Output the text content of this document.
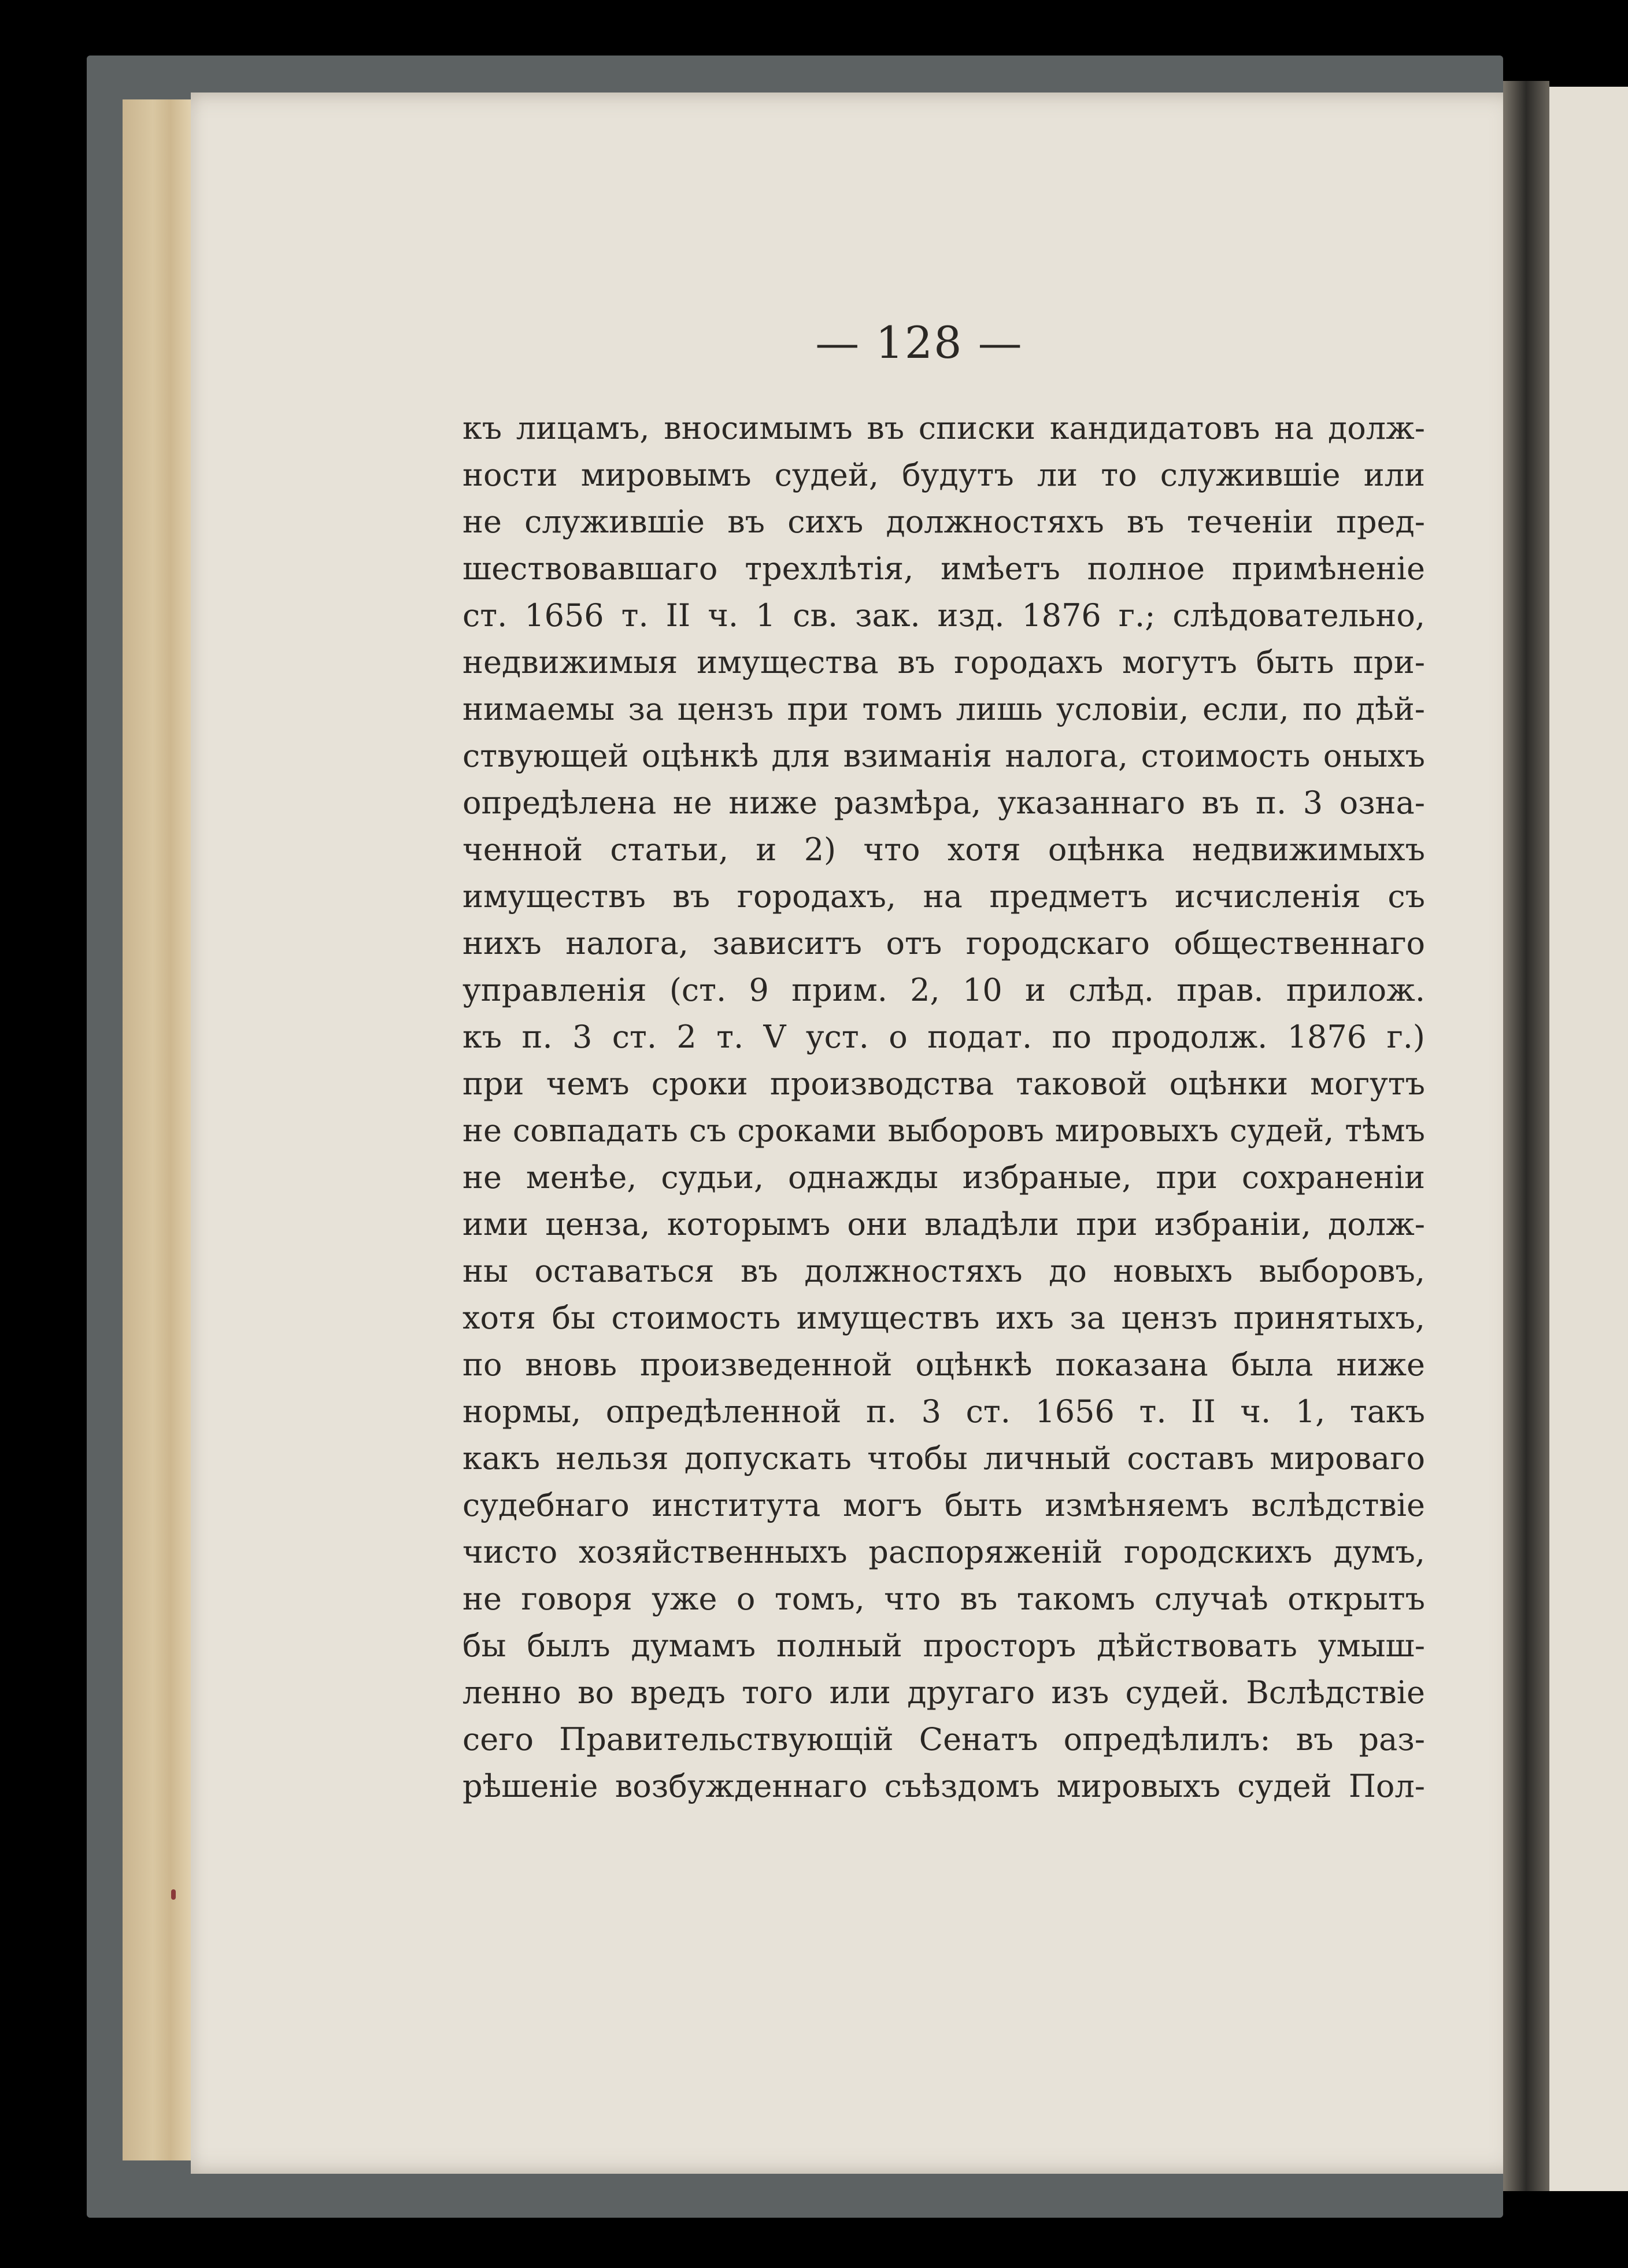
— 128 —
къ лицамъ, вносимымъ въ списки кандидатовъ на долж-
ности мировымъ судей, будутъ ли то служившіе или
не служившіе въ сихъ должностяхъ въ теченіи пред-
шествовавшаго трехлѣтія, имѣетъ полное примѣненіе
ст. 1656 т. II ч. 1 св. зак. изд. 1876 г.; слѣдовательно,
недвижимыя имущества въ городахъ могутъ быть при-
нимаемы за цензъ при томъ лишь условіи, если, по дѣй-
ствующей оцѣнкѣ для взиманія налога, стоимость оныхъ
опредѣлена не ниже размѣра, указаннаго въ п. 3 озна-
ченной статьи, и 2) что хотя оцѣнка недвижимыхъ
имуществъ въ городахъ, на предметъ исчисленія съ
нихъ налога, зависитъ отъ городскаго общественнаго
управленія (ст. 9 прим. 2, 10 и слѣд. прав. прилож.
къ п. 3 ст. 2 т. V уст. о подат. по продолж. 1876 г.)
при чемъ сроки производства таковой оцѣнки могутъ
не совпадать съ сроками выборовъ мировыхъ судей, тѣмъ
не менѣе, судьи, однажды избраные, при сохраненіи
ими ценза, которымъ они владѣли при избраніи, долж-
ны оставаться въ должностяхъ до новыхъ выборовъ,
хотя бы стоимость имуществъ ихъ за цензъ принятыхъ,
по вновь произведенной оцѣнкѣ показана была ниже
нормы, опредѣленной п. 3 ст. 1656 т. II ч. 1, такъ
какъ нельзя допускать чтобы личный составъ мироваго
судебнаго института могъ быть измѣняемъ вслѣдствіе
чисто хозяйственныхъ распоряженій городскихъ думъ,
не говоря уже о томъ, что въ такомъ случаѣ открытъ
бы былъ думамъ полный просторъ дѣйствовать умыш-
ленно во вредъ того или другаго изъ судей. Вслѣдствіе
сего Правительствующій Сенатъ опредѣлилъ: въ раз-
рѣшеніе возбужденнаго съѣздомъ мировыхъ судей Пол-
